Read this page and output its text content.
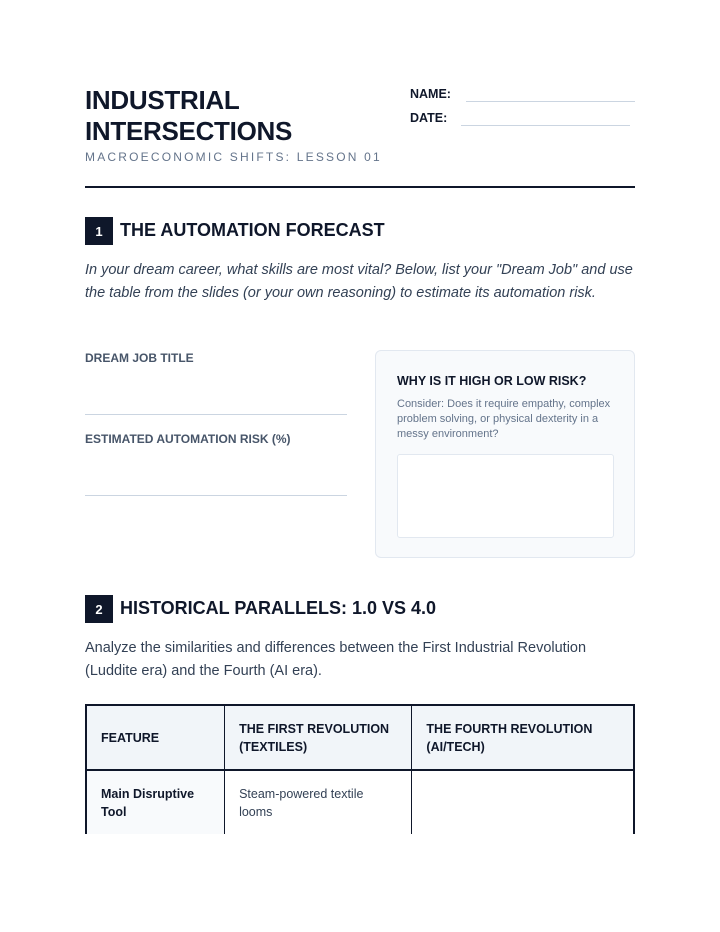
INDUSTRIAL
INTERSECTIONS
MACROECONOMIC SHIFTS: LESSON 01
NAME:
DATE:
1 THE AUTOMATION FORECAST
In your dream career, what skills are most vital? Below, list your "Dream Job" and use the table from the slides (or your own reasoning) to estimate its automation risk.
DREAM JOB TITLE
ESTIMATED AUTOMATION RISK (%)
WHY IS IT HIGH OR LOW RISK?
Consider: Does it require empathy, complex problem solving, or physical dexterity in a messy environment?
2 HISTORICAL PARALLELS: 1.0 VS 4.0
Analyze the similarities and differences between the First Industrial Revolution (Luddite era) and the Fourth (AI era).
FEATURE	THE FIRST REVOLUTION (TEXTILES)	THE FOURTH REVOLUTION (AI/TECH)
Main Disruptive Tool	Steam-powered textile looms	
